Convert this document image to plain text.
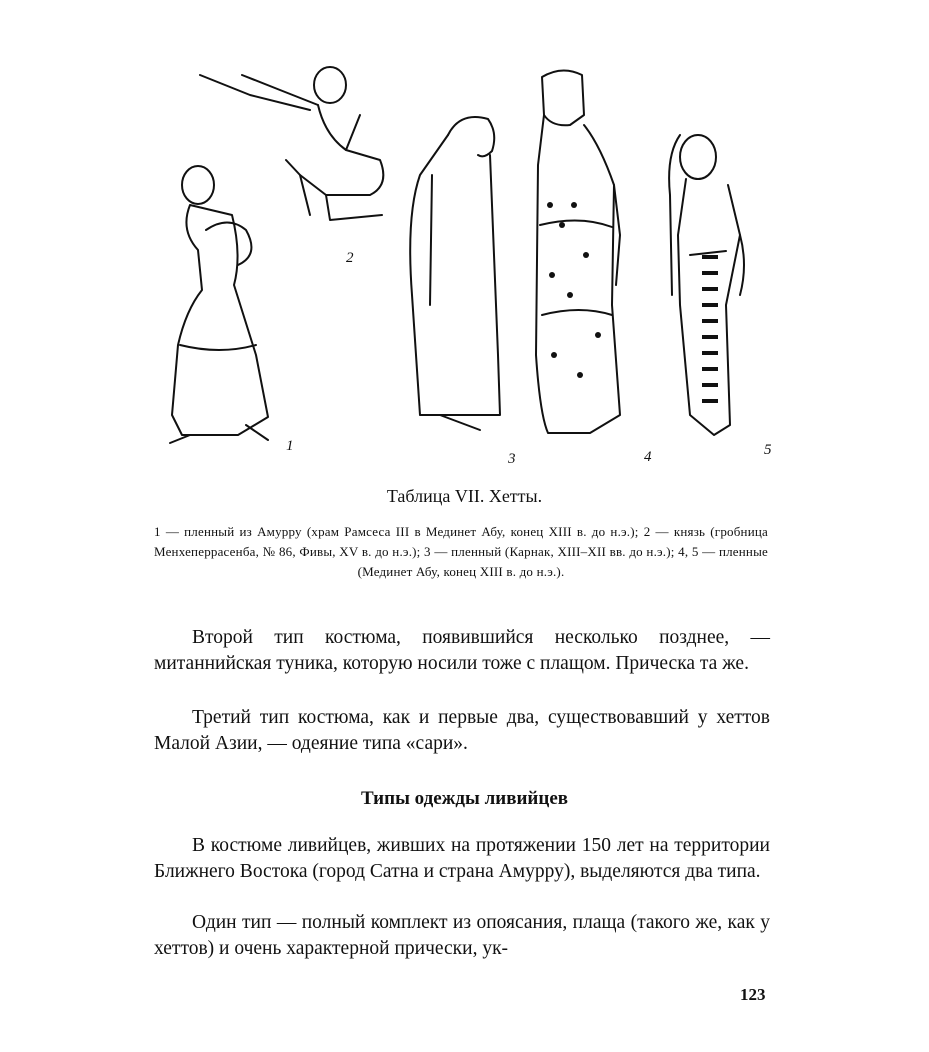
1
2
3	4	5
Таблица VII. Хетты.

1 — пленный из Амурру (храм Рамсеса III в Мединет Абу, конец XIII в. до н.э.); 2 — князь (гробница Менхеперрасенба, № 86, Фивы, XV в. до н.э.); 3 — пленный (Карнак, XIII–XII вв. до н.э.); 4, 5 — пленные (Мединет Абу, конец XIII в. до н.э.).

Второй тип костюма, появившийся несколько позднее, — митаннийская туника, которую носили тоже с плащом. Прическа та же.

Третий тип костюма, как и первые два, существовавший у хеттов Малой Азии, — одеяние типа «сари».

Типы одежды ливийцев

В костюме ливийцев, живших на протяжении 150 лет на территории Ближнего Востока (город Сатна и страна Амурру), выделяются два типа.

Один тип — полный комплект из опоясания, плаща (такого же, как у хеттов) и очень характерной прически, ук-

123
